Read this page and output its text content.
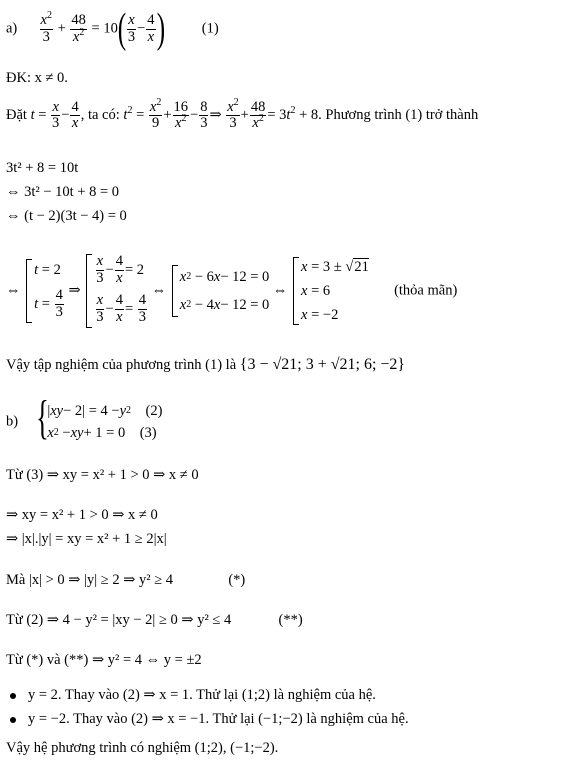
$a) \frac{x^2}{3} + \frac{48}{x^2} = 10( \frac{x}{3} - \frac{4}{x}$ )	(1)
ĐK: x ≠ 0.
Đặt $t = \frac{x}{3} - \frac{4}{x}$ , ta có: $t^2 = \frac{x^2}{9} + \frac{16}{x^2} - \frac{8}{3}$ ⇒ $\frac{x^2}{3} + \frac{48}{x^2} = 3t^2 + 8$. Phương trình (1) trở thành
3t² + 8 = 10t
⇔ 3t² − 10t + 8 = 0
⇔ (t − 2)(3t − 4) = 0
⇔
t = 2
$t = \frac{4}{3}$ ⇒
$\frac{x}{3} - \frac{4}{x} = 2$
$\frac{x}{3} - \frac{4}{x} = \frac{4}{3}$
⇔
x 2 − 6 x − 12 = 0
x 2 − 4 x − 12 = 0
⇔
x = 3 ± √ 21
x = 6
x = −2
(thỏa mãn)
Vậy tập nghiệm của phương trình (1) là {3 − √21; 3 + √21; 6; −2}
b)
{ | xy − 2| = 4 − y 2
(2)
x 2 − xy + 1 = 0 (3)
Từ (3) ⇒ xy = x² + 1 > 0 ⇒ x ≠ 0
⇒ xy = x² + 1 > 0 ⇒ x ≠ 0
⇒ |x|.|y| = xy = x² + 1 ≥ 2|x|
Mà |x| > 0 ⇒ |y| ≥ 2 ⇒ y² ≥ 4	(*)
Từ (2) ⇒ 4 − y² = |xy − 2| ≥ 0 ⇒ y² ≤ 4	(**)
Từ (*) và (**) ⇒ y² = 4 ⇔ y = ±2
y = 2. Thay vào (2) ⇒ x = 1. Thử lại (1;2) là nghiệm của hệ.
y = −2. Thay vào (2) ⇒ x = −1. Thử lại (−1;−2) là nghiệm của hệ.
Vậy hệ phương trình có nghiệm (1;2), (−1;−2).
